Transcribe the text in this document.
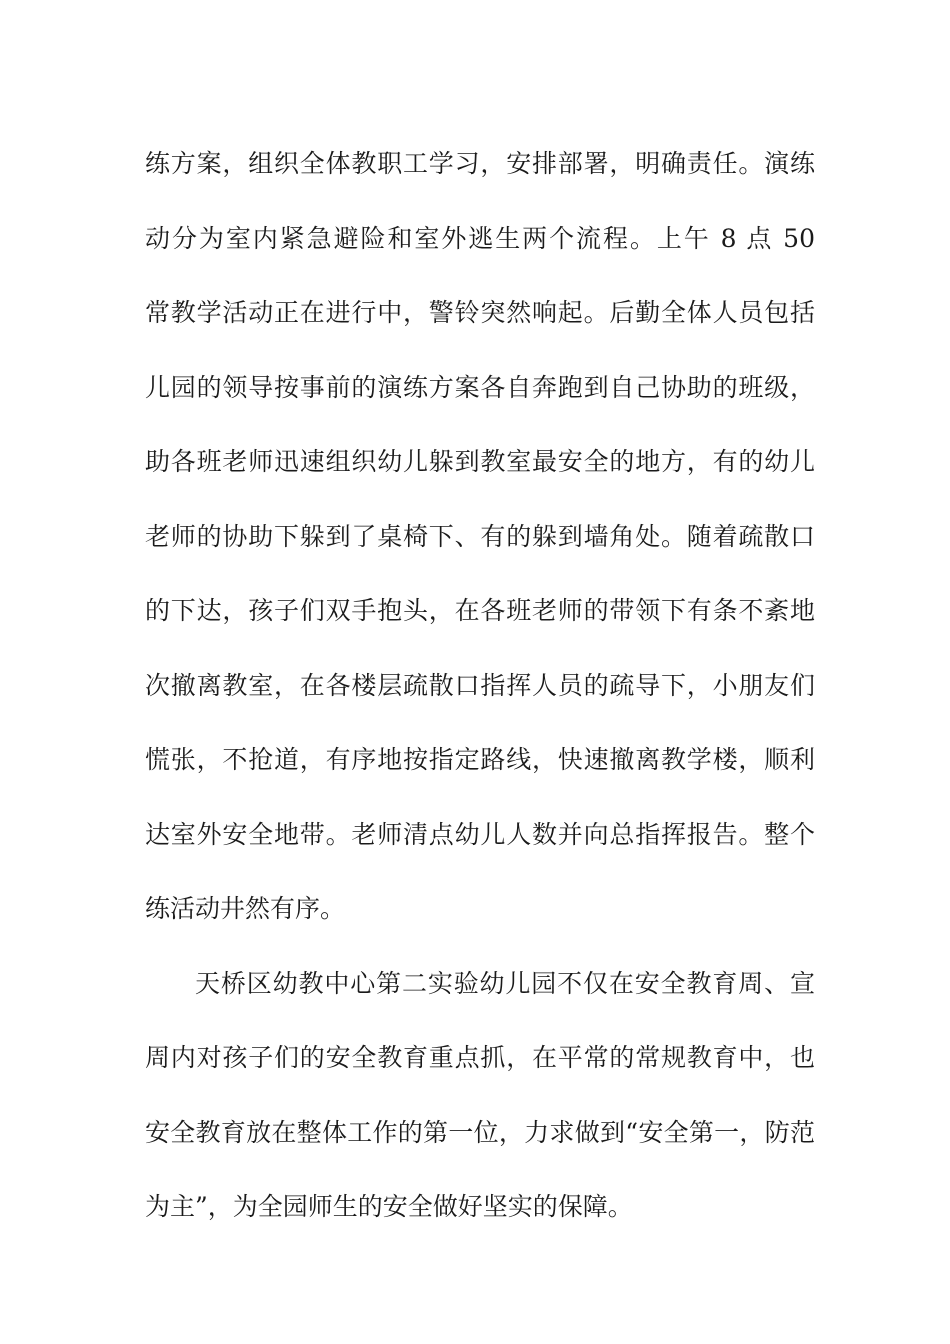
练方案，组织全体教职工学习，安排部署，明确责任。演练
动分为室内紧急避险和室外逃生两个流程。上午 8 点 50
常教学活动正在进行中，警铃突然响起。后勤全体人员包括
儿园的领导按事前的演练方案各自奔跑到自己协助的班级，
助各班老师迅速组织幼儿躲到教室最安全的地方，有的幼儿
老师的协助下躲到了桌椅下、有的躲到墙角处。随着疏散口
的下达，孩子们双手抱头，在各班老师的带领下有条不紊地
次撤离教室，在各楼层疏散口指挥人员的疏导下，小朋友们
慌张，不抢道，有序地按指定路线，快速撤离教学楼，顺利
达室外安全地带。老师清点幼儿人数并向总指挥报告。整个
练活动井然有序。
天桥区幼教中心第二实验幼儿园不仅在安全教育周、宣
周内对孩子们的安全教育重点抓，在平常的常规教育中，也
安全教育放在整体工作的第一位，力求做到“安全第一，防范
为主”，为全园师生的安全做好坚实的保障。
